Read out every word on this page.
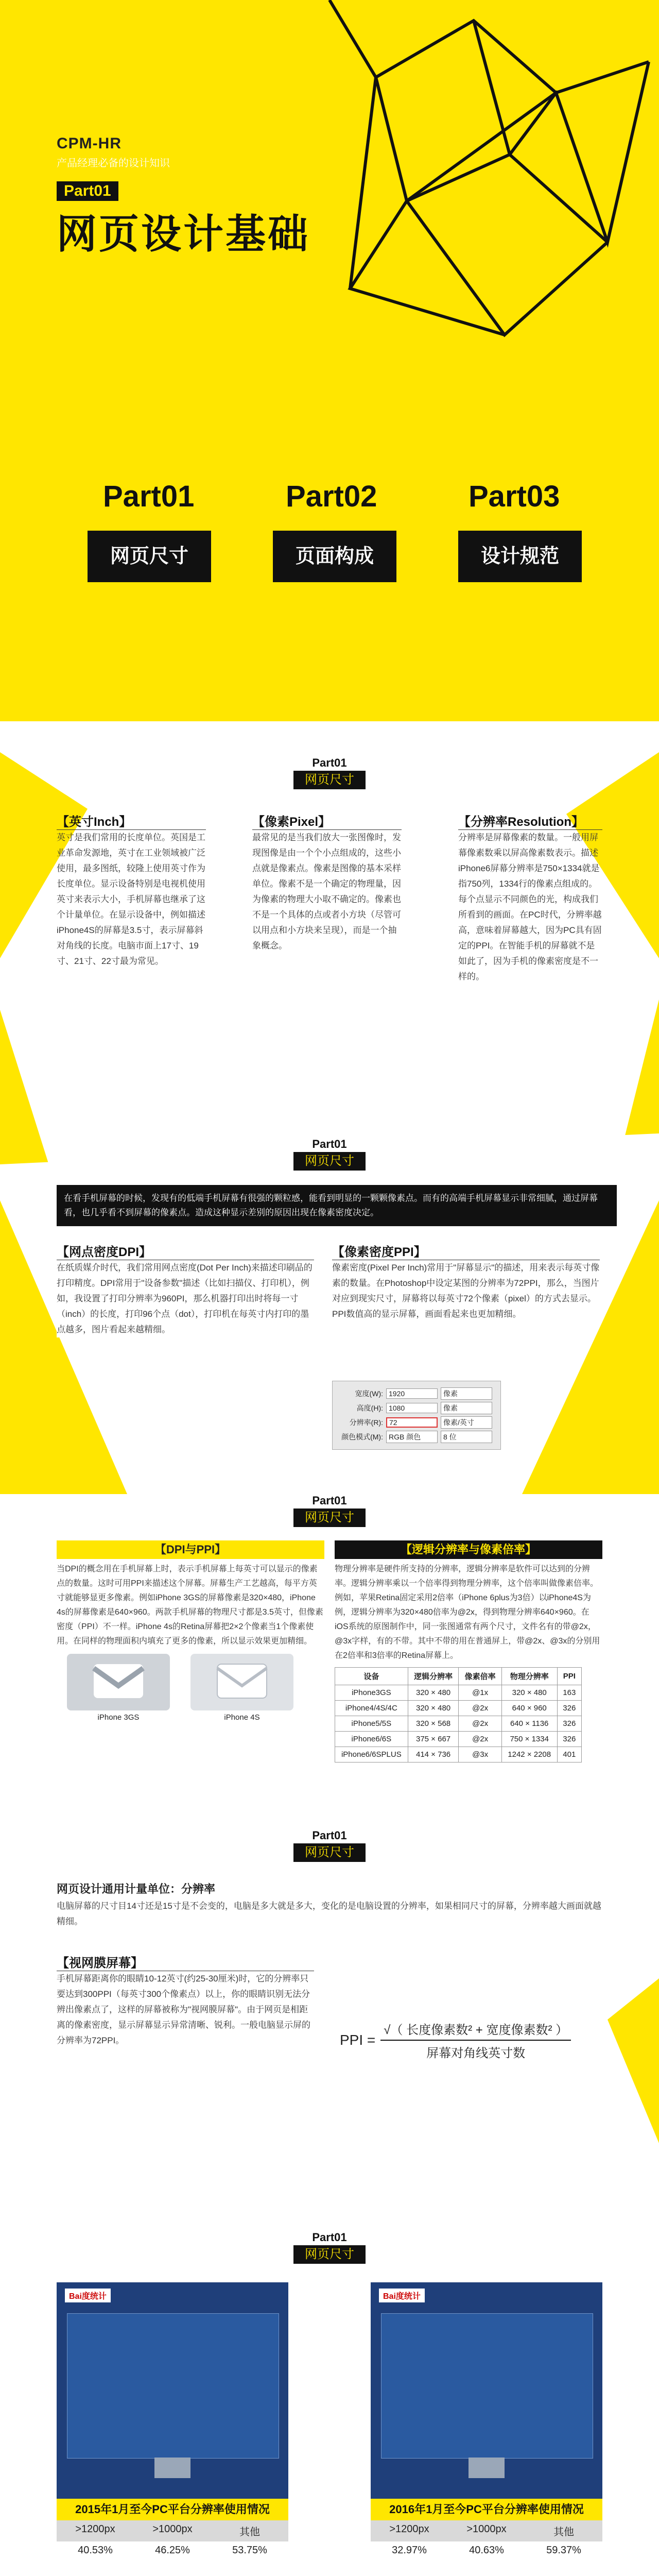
CPM-HR
产品经理必备的设计知识
Part01
网页设计基础
Part01
网页尺寸
Part02
页面构成
Part03
设计规范
Part01
网页尺寸
【英寸Inch】
英寸是我们常用的长度单位。英国是工业革命发源地，英寸在工业领域被广泛使用，最多图纸，较隆上使用英寸作为长度单位。显示设备特别是电视机使用英寸来表示大小，手机屏幕也继承了这个计量单位。在显示设备中，例如描述iPhone4S的屏幕是3.5寸，表示屏幕斜对角线的长度。电脑市面上17寸、19寸、21寸、22寸最为常见。
【像素Pixel】
最常见的是当我们放大一张图像时，发现图像是由一个个小点组成的，这些小点就是像素点。像素是图像的基本采样单位。像素不是一个确定的物理量，因为像素的物理大小取不确定的。像素也不是一个具体的点或者小方块（尽管可以用点和小方块来呈现），而是一个抽象概念。
【分辨率Resolution】
分辨率是屏幕像素的数量。一般用屏幕像素数乘以屏高像素数表示。描述iPhone6屏幕分辨率是750×1334就是指750列，1334行的像素点组成的。每个点显示不同颜色的光，构成我们所看到的画面。在PC时代，分辨率越高，意味着屏幕越大，因为PC具有固定的PPI。在智能手机的屏幕就不是如此了，因为手机的像素密度是不一样的。
Part01
网页尺寸
在看手机屏幕的时候，发现有的低端手机屏幕有很强的颗粒感，能看到明显的一颗颗像素点。而有的高端手机屏幕显示非常细腻，通过屏幕看，也几乎看不到屏幕的像素点。造成这种显示差别的原因出现在像素密度决定。
【网点密度DPI】
在纸质媒介时代，我们常用网点密度(Dot Per Inch)来描述印刷品的打印精度。DPI常用于"设备参数"描述（比如扫描仪、打印机），例如，我设置了打印分辨率为960PI，那么机器打印出时将每一寸（inch）的长度，打印96个点（dot），打印机在每英寸内打印的墨点越多，图片看起来越精细。
【像素密度PPI】
像素密度(Pixel Per Inch)常用于"屏幕显示"的描述，用来表示每英寸像素的数量。在Photoshop中设定某图的分辨率为72PPI，那么，当图片对应到现实尺寸，屏幕将以每英寸72个像素（pixel）的方式去显示。PPI数值高的显示屏幕，画面看起来也更加精细。
宽度(W): 1920	像素
高度(H): 1080	像素
分辨率(R): 72	像素/英寸
颜色模式(M): RGB 颜色	8 位
Part01
网页尺寸
【DPI与PPI】
当DPI的概念用在手机屏幕上时，表示手机屏幕上每英寸可以显示的像素点的数量。这时可用PPI来描述这个屏幕。屏幕生产工艺越高，每平方英寸就能够显更多像素。例如iPhone 3GS的屏幕像素是320×480，iPhone 4s的屏幕像素是640×960。两款手机屏幕的物理尺寸都是3.5英寸，但像素密度（PPI）不一样。iPhone 4s的Retina屏幕把2×2个像素当1个像素使用。在同样的物理面积内填充了更多的像素，所以显示效果更加精细。
iPhone 3GS	iPhone 4S
【逻辑分辨率与像素倍率】
物理分辨率是硬件所支持的分辨率，逻辑分辨率是软件可以达到的分辨率。逻辑分辨率乘以一个倍率得到物理分辨率，这个倍率叫做像素倍率。例如，苹果Retina固定采用2倍率（iPhone 6plus为3倍）以iPhone4S为例，逻辑分辨率为320×480倍率为@2x，得到物理分辨率640×960。在iOS系统的原图制作中，同一张图通常有两个尺寸，文件名有的带@2x，@3x字样，有的不带。其中不带的用在普通屏上，带@2x、@3x的分别用在2倍率和3倍率的Retina屏幕上。
设备	逻辑分辨率	像素倍率	物理分辨率	PPI
iPhone3GS	320 × 480	@1x	320 × 480	163
iPhone4/4S/4C	320 × 480	@2x	640 × 960	326
iPhone5/5S	320 × 568	@2x	640 × 1136	326
iPhone6/6S	375 × 667	@2x	750 × 1334	326
iPhone6/6SPLUS	414 × 736	@3x	1242 × 2208	401
Part01
网页尺寸
网页设计通用计量单位：分辨率
电脑屏幕的尺寸目14寸还是15寸是不会变的，电脑是多大就是多大，变化的是电脑设置的分辨率，如果相同尺寸的屏幕，分辨率越大画面就越精细。
【视网膜屏幕】
手机屏幕距离你的眼睛10-12英寸(约25-30厘米)时，它的分辨率只要达到300PPI（每英寸300个像素点）以上，你的眼睛识别无法分辨出像素点了，这样的屏幕被称为"视网膜屏幕"。由于网页是相距离的像素密度，显示屏幕显示异常清晰、锐利。一般电脑显示屏的分辨率为72PPI。	PPI =
√（ 长度像素数² + 宽度像素数² ）
屏幕对角线英寸数
Part01
网页尺寸
Bai度统计
2015年1月至今PC平台分辨率使用情况
>1200px	>1000px	其他
40.53%	46.25%	53.75%
Bai度统计
2016年1月至今PC平台分辨率使用情况
>1200px	>1000px	其他
32.97%	40.63%	59.37%
